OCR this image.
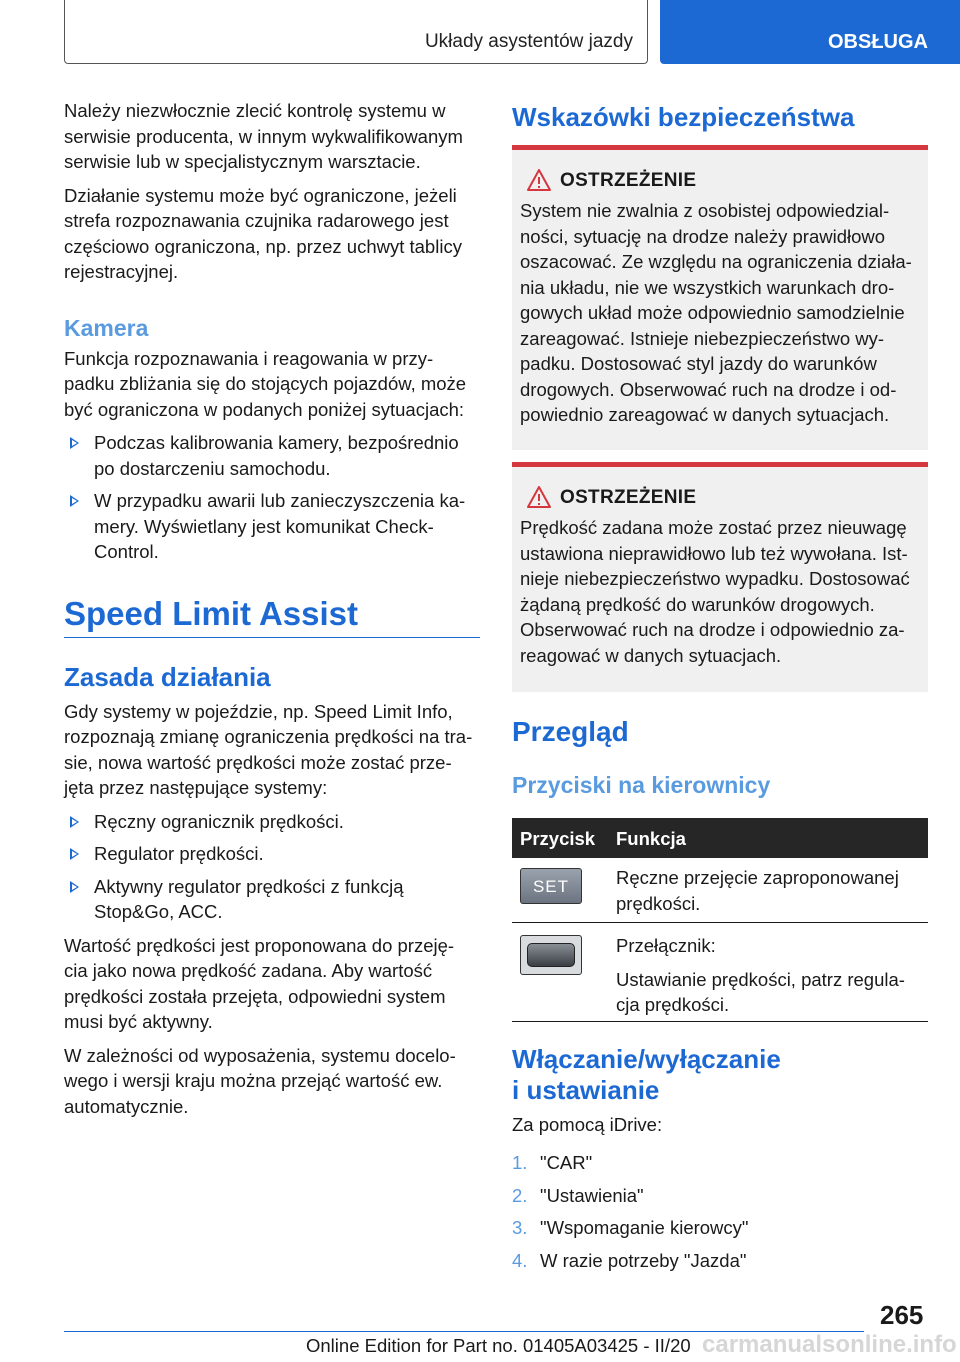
Układy asystentów jazdy	OBSŁUGA

Należy niezwłocznie zlecić kontrolę systemu w serwisie producenta, w innym wykwalifikowanym serwisie lub w specjalistycznym warsztacie.

Działanie systemu może być ograniczone, jeżeli strefa rozpoznawania czujnika radarowego jest częściowo ograniczona, np. przez uchwyt tablicy rejestracyjnej.

Kamera

Funkcja rozpoznawania i reagowania w przy- padku zbliżania się do stojących pojazdów, może być ograniczona w podanych poniżej sytuacjach:

Podczas kalibrowania kamery, bezpośrednio po dostarczeniu samochodu.
W przypadku awarii lub zanieczyszczenia ka- mery. Wyświetlany jest komunikat Check- Control.
Speed Limit Assist
Zasada działania

Gdy systemy w pojeździe, np. Speed Limit Info, rozpoznają zmianę ograniczenia prędkości na tra- sie, nowa wartość prędkości może zostać prze- jęta przez następujące systemy:

Ręczny ogranicznik prędkości.
Regulator prędkości.
Aktywny regulator prędkości z funkcją Stop&Go, ACC.

Wartość prędkości jest proponowana do przeję- cia jako nowa prędkość zadana. Aby wartość prędkości została przejęta, odpowiedni system musi być aktywny.

W zależności od wyposażenia, systemu docelo- wego i wersji kraju można przejąć wartość ew. automatycznie.

Wskazówki bezpieczeństwa
OSTRZEŻENIE

System nie zwalnia z osobistej odpowiedzial- ności, sytuację na drodze należy prawidłowo oszacować. Ze względu na ograniczenia działa- nia układu, nie we wszystkich warunkach dro- gowych układ może odpowiednio samodzielnie zareagować. Istnieje niebezpieczeństwo wy- padku. Dostosować styl jazdy do warunków drogowych. Obserwować ruch na drodze i od- powiednio zareagować w danych sytuacjach.

OSTRZEŻENIE

Prędkość zadana może zostać przez nieuwagę ustawiona nieprawidłowo lub też wywołana. Ist- nieje niebezpieczeństwo wypadku. Dostosować żądaną prędkość do warunków drogowych. Obserwować ruch na drodze i odpowiednio za- reagować w danych sytuacjach.

Przegląd
Przyciski na kierownicy
Przycisk Funkcja
SET	Ręczne przejęcie zaproponowanej prędkości.
Przełącznik:
Ustawianie prędkości, patrz regula- cja prędkości.
Włączanie/wyłączanie
i ustawianie

Za pomocą iDrive:

1. "CAR"
2. "Ustawienia"
3. "Wspomaganie kierowcy"
4. W razie potrzeby "Jazda"
265
Online Edition for Part no. 01405A03425 - II/20 carmanualsonline.info
